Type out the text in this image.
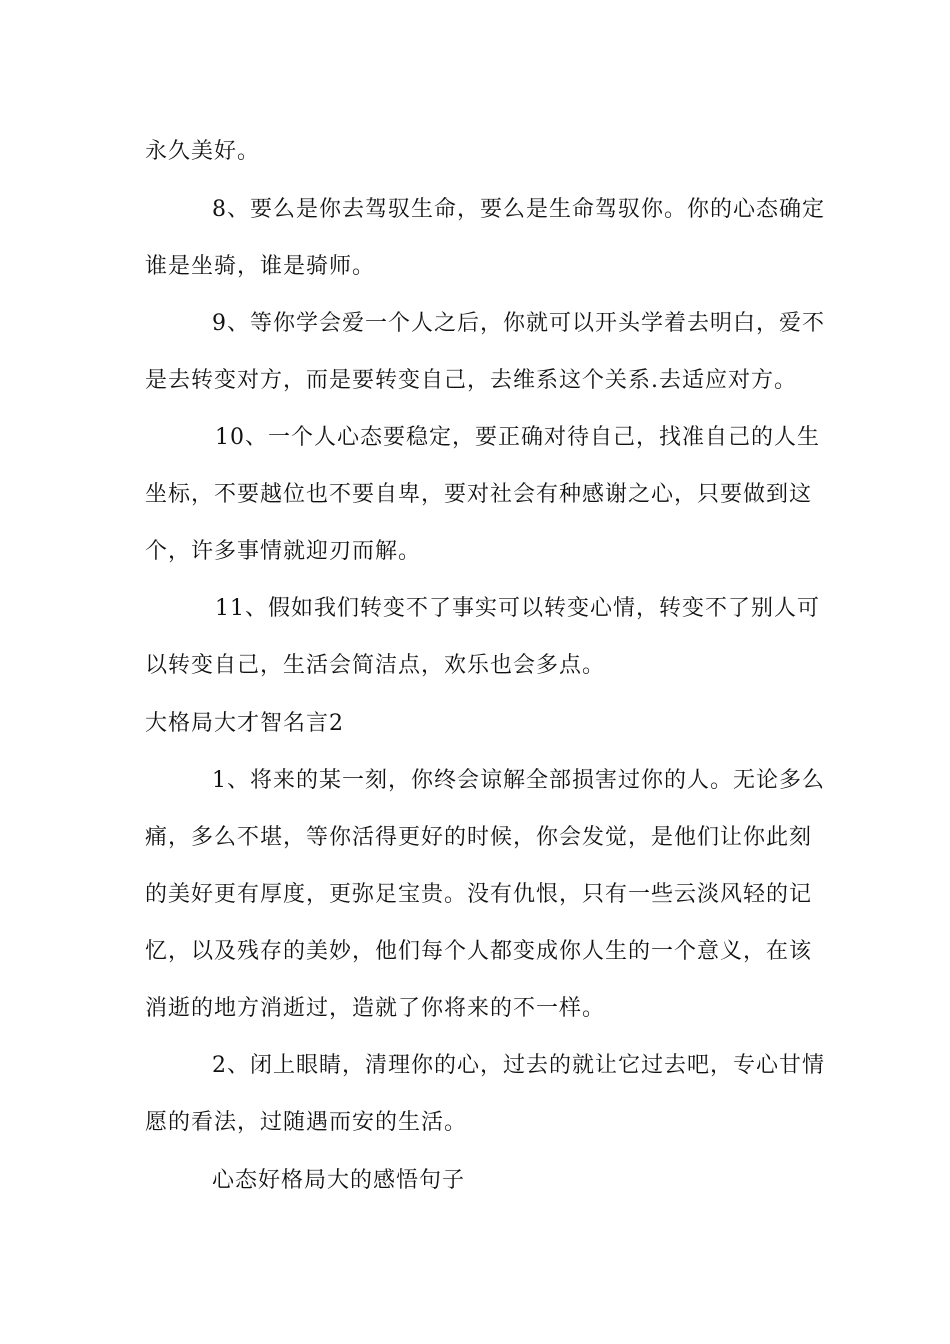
永久美好。
8、要么是你去驾驭生命，要么是生命驾驭你。你的心态确定
谁是坐骑，谁是骑师。
9、等你学会爱一个人之后，你就可以开头学着去明白，爱不
是去转变对方，而是要转变自己，去维系这个关系.去适应对方。
10、一个人心态要稳定，要正确对待自己，找准自己的人生
坐标，不要越位也不要自卑，要对社会有种感谢之心，只要做到这
个，许多事情就迎刃而解。
11、假如我们转变不了事实可以转变心情，转变不了别人可
以转变自己，生活会简洁点，欢乐也会多点。
大格局大才智名言2
1、将来的某一刻，你终会谅解全部损害过你的人。无论多么
痛，多么不堪，等你活得更好的时候，你会发觉，是他们让你此刻
的美好更有厚度，更弥足宝贵。没有仇恨，只有一些云淡风轻的记
忆，以及残存的美妙，他们每个人都变成你人生的一个意义，在该
消逝的地方消逝过，造就了你将来的不一样。
2、闭上眼睛，清理你的心，过去的就让它过去吧，专心甘情
愿的看法，过随遇而安的生活。
心态好格局大的感悟句子
